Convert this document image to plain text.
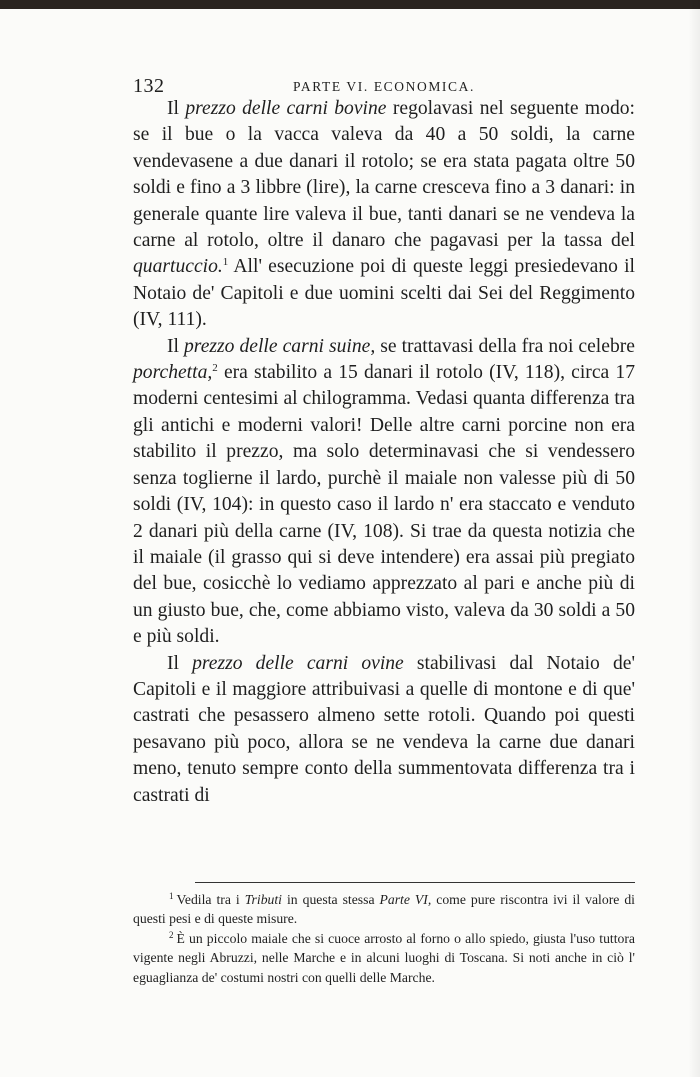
132	PARTE VI. ECONOMICA.

Il prezzo delle carni bovine regolavasi nel seguente modo: se il bue o la vacca valeva da 40 a 50 soldi, la carne vendevasene a due danari il rotolo; se era stata pagata oltre 50 soldi e fino a 3 libbre (lire), la carne cresceva fino a 3 danari: in generale quante lire valeva il bue, tanti danari se ne vendeva la carne al rotolo, oltre il danaro che pagavasi per la tassa del quartuccio.$^1$ All' esecuzione poi di queste leggi presiedevano il Notaio de' Capitoli e due uomini scelti dai Sei del Reggimento (IV, 111).

Il prezzo delle carni suine, se trattavasi della fra noi celebre porchetta,$^2$ era stabilito a 15 danari il rotolo (IV, 118), circa 17 moderni centesimi al chilogramma. Vedasi quanta differenza tra gli antichi e moderni valori! Delle altre carni porcine non era stabilito il prezzo, ma solo determinavasi che si vendessero senza toglierne il lardo, purchè il maiale non valesse più di 50 soldi (IV, 104): in questo caso il lardo n' era staccato e venduto 2 danari più della carne (IV, 108). Si trae da questa notizia che il maiale (il grasso qui si deve intendere) era assai più pregiato del bue, cosicchè lo vediamo apprezzato al pari e anche più di un giusto bue, che, come abbiamo visto, valeva da 30 soldi a 50 e più soldi.

Il prezzo delle carni ovine stabilivasi dal Notaio de' Capitoli e il maggiore attribuivasi a quelle di montone e di que' castrati che pesassero almeno sette rotoli. Quando poi questi pesavano più poco, allora se ne vendeva la carne due danari meno, tenuto sempre conto della summentovata differenza tra i castrati di

$^1$ Vedila tra i Tributi in questa stessa Parte VI, come pure riscontra ivi il valore di questi pesi e di queste misure.

$^2$ È un piccolo maiale che si cuoce arrosto al forno o allo spiedo, giusta l'uso tuttora vigente negli Abruzzi, nelle Marche e in alcuni luoghi di Toscana. Si noti anche in ciò l' eguaglianza de' costumi nostri con quelli delle Marche.
